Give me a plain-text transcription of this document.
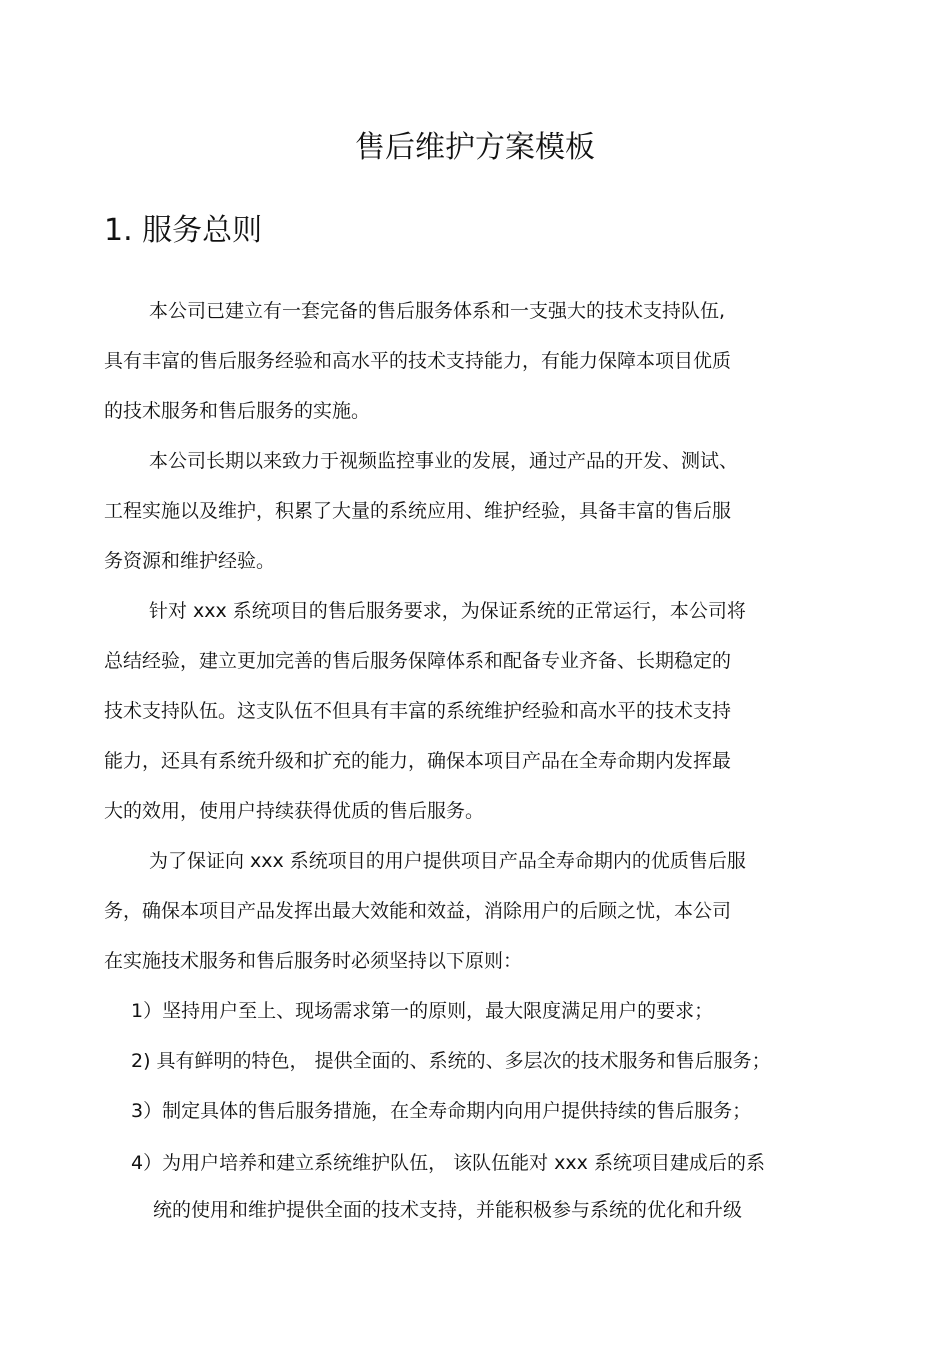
售后维护方案模板
1. 服务总则
本公司已建立有一套完备的售后服务体系和一支强大的技术支持队伍,
具有丰富的售后服务经验和高水平的技术支持能力，有能力保障本项目优质
的技术服务和售后服务的实施。
本公司长期以来致力于视频监控事业的发展，通过产品的开发、测试、
工程实施以及维护，积累了大量的系统应用、维护经验，具备丰富的售后服
务资源和维护经验。
针对 xxx 系统项目的售后服务要求，为保证系统的正常运行，本公司将
总结经验，建立更加完善的售后服务保障体系和配备专业齐备、长期稳定的
技术支持队伍。这支队伍不但具有丰富的系统维护经验和高水平的技术支持
能力，还具有系统升级和扩充的能力，确保本项目产品在全寿命期内发挥最
大的效用，使用户持续获得优质的售后服务。
为了保证向 xxx 系统项目的用户提供项目产品全寿命期内的优质售后服
务，确保本项目产品发挥出最大效能和效益，消除用户的后顾之忧，本公司
在实施技术服务和售后服务时必须坚持以下原则：
1）坚持用户至上、现场需求第一的原则，最大限度满足用户的要求；
2) 具有鲜明的特色， 提供全面的、系统的、多层次的技术服务和售后服务；
3）制定具体的售后服务措施，在全寿命期内向用户提供持续的售后服务；
4）为用户培养和建立系统维护队伍， 该队伍能对 xxx 系统项目建成后的系
统的使用和维护提供全面的技术支持，并能积极参与系统的优化和升级
